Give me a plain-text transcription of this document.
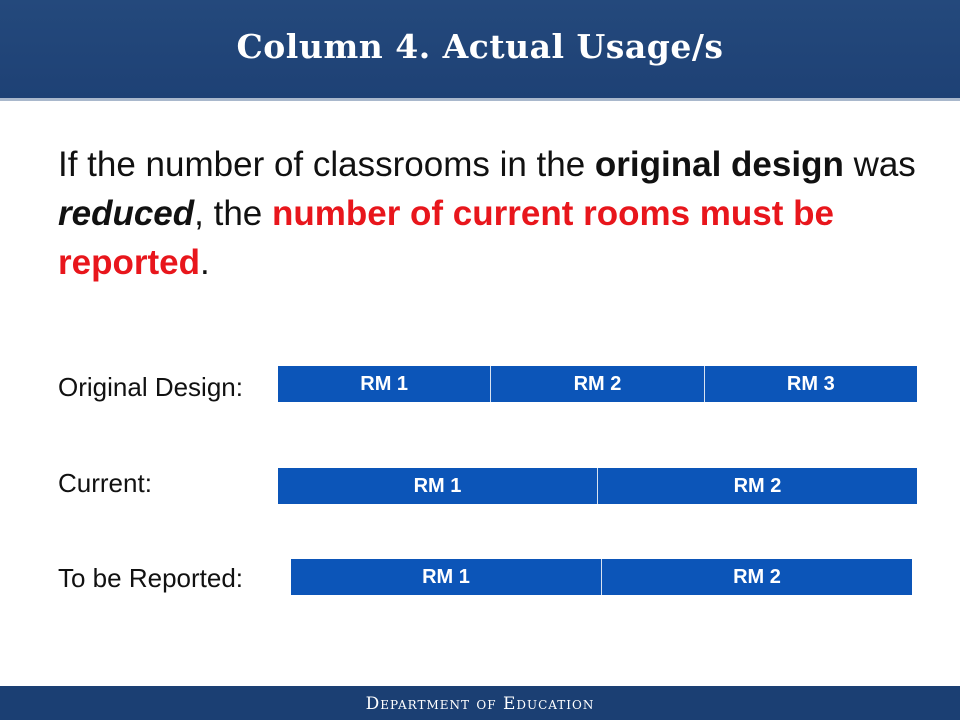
Column 4. Actual Usage/s
If the number of classrooms in the original design was reduced, the number of current rooms must be reported.
Original Design:	RM 1	RM 2	RM 3
Current:	RM 1	RM 2
To be Reported:	RM 1	RM 2
Department of Education
